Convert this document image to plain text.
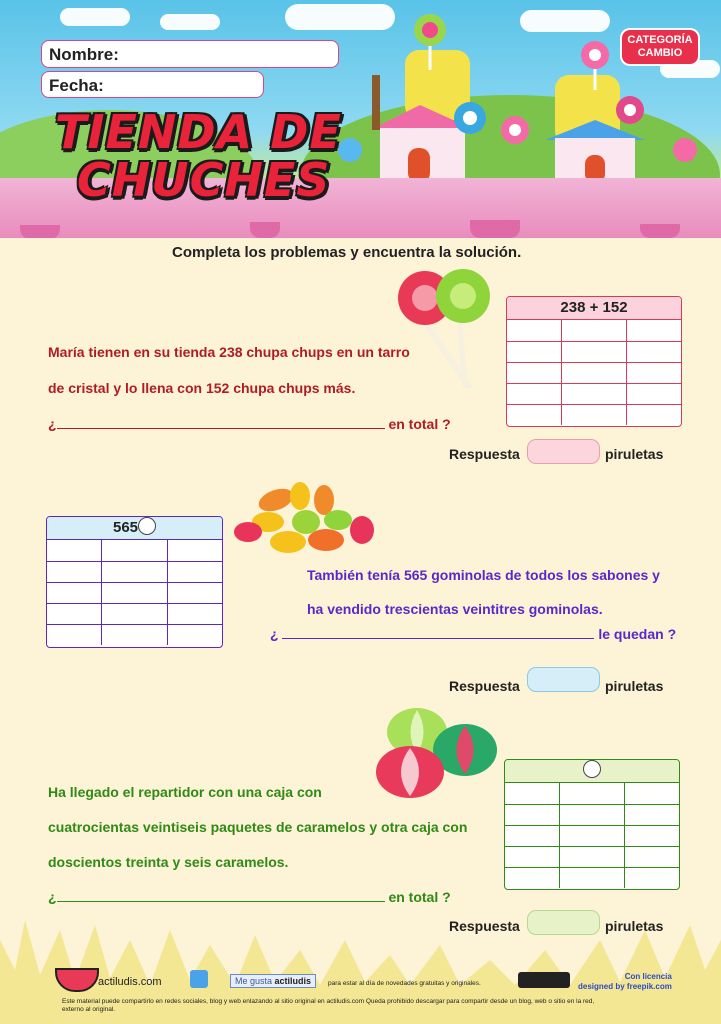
Nombre:
Fecha:
CATEGORÍA
CAMBIO
TIENDA DE
CHUCHES
Completa los problemas y encuentra la solución.
238 + 152

María tienen en su tienda 238 chupa chups en un tarro
de cristal y lo llena con 152 chupa chups más.
¿	en total ?
Respuesta	piruletas
565

También tenía 565 gominolas de todos los sabones y
ha vendido trescientas veintitres gominolas.
¿	le quedan ?
Respuesta	piruletas

Ha llegado el repartidor con una caja con
cuatrocientas veintiseis paquetes de caramelos y otra caja con
doscientos treinta y seis caramelos.
¿	en total ?
Respuesta	piruletas
actiludis.com	Me gusta actiludis	para estar al día de novedades gratuitas y originales.
Con licencia
designed by freepik.com
Este material puede compartirlo en redes sociales, blog y web enlazando al sitio original en actiludis.com Queda prohibido descargar para compartir desde un blog, web o sitio en la red,
externo al original.
